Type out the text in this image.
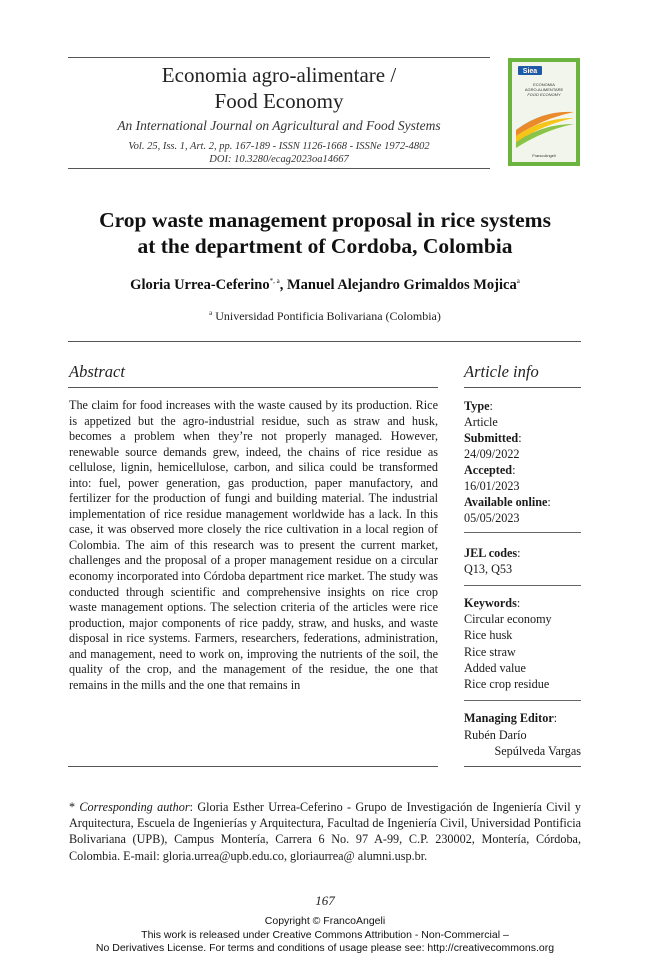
Economia agro-alimentare /
Food Economy
An International Journal on Agricultural and Food Systems
Vol. 25, Iss. 1, Art. 2, pp. 167-189 - ISSN 1126-1668 - ISSNe 1972-4802
DOI: 10.3280/ecag2023oa14667
Siea
ECONOMIA
AGRO-ALIMENTARE
FOOD ECONOMY
FrancoAngeli
Crop waste management proposal in rice systems
at the department of Cordoba, Colombia
Gloria Urrea-Ceferino$^{*, a}$, Manuel Alejandro Grimaldos Mojica$^a$
$^a$ Universidad Pontificia Bolivariana (Colombia)
Abstract
The claim for food increases with the waste caused by its production. Rice is appetized but the agro-industrial residue, such as straw and husk, becomes a problem when they’re not properly managed. However, renewable source demands grew, indeed, the chains of rice residue as cellulose, lignin, hemicellulose, carbon, and silica could be transformed into: fuel, power generation, gas production, paper manufactory, and fertilizer for the production of fungi and building material. The industrial implementation of rice residue management worldwide has a lack. In this case, it was observed more closely the rice cultivation in a local region of Colombia. The aim of this research was to present the current market, challenges and the proposal of a proper management residue on a circular economy incorporated into Córdoba department rice market. The study was conducted through scientific and comprehensive insights on rice crop waste management options. The selection criteria of the articles were rice production, major components of rice paddy, straw, and husks, and waste disposal in rice systems. Farmers, researchers, federations, administration, and management, need to work on, improving the nutrients of the soil, the quality of the crop, and the management of the residue, the one that remains in the mills and the one that remains in
Article info
Type:
Article
Submitted:
24/09/2022
Accepted:
16/01/2023
Available online:
05/05/2023
JEL codes:
Q13, Q53
Keywords:
Circular economy
Rice husk
Rice straw
Added value
Rice crop residue
Managing Editor:
Rubén Darío
Sepúlveda Vargas
* Corresponding author: Gloria Esther Urrea-Ceferino - Grupo de Investigación de Ingeniería Civil y Arquitectura, Escuela de Ingenierías y Arquitectura, Facultad de Ingeniería Civil, Universidad Pontificia Bolivariana (UPB), Campus Montería, Carrera 6 No. 97 A-99, C.P. 230002, Montería, Córdoba, Colombia. E-mail: gloria.urrea@upb.edu.co, gloriaurrea@ alumni.usp.br.
167
Copyright © FrancoAngeli
This work is released under Creative Commons Attribution - Non-Commercial –
No Derivatives License. For terms and conditions of usage please see: http://creativecommons.org
